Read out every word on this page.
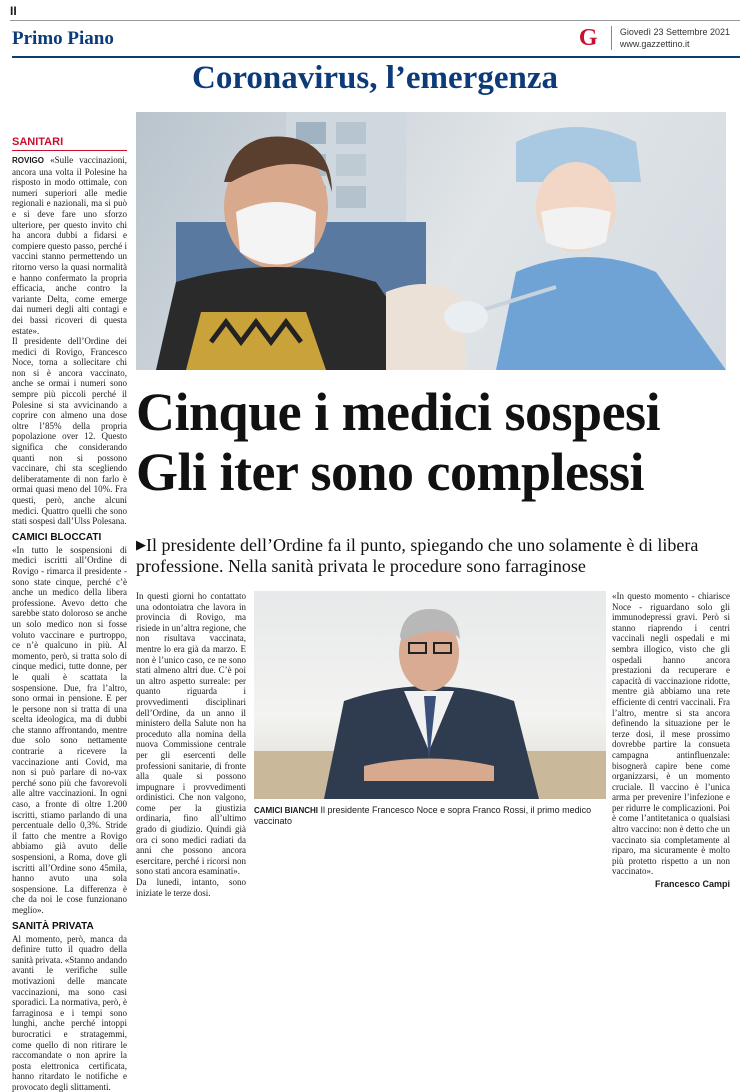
II
Primo Piano	G	Giovedì 23 Settembre 2021
www.gazzettino.it
Coronavirus, l’emergenza
SANITARI

ROVIGO «Sulle vaccinazioni, ancora una volta il Polesine ha risposto in modo ottimale, con numeri superiori alle medie regionali e nazionali, ma si può e si deve fare uno sforzo ulteriore, per questo invito chi ha ancora dubbi a fidarsi e compiere questo passo, perché i vaccini stanno permettendo un ritorno verso la quasi normalità e hanno confermato la propria efficacia, anche contro la variante Delta, come emerge dai numeri degli alti contagi e dei bassi ricoveri di questa estate».

Il presidente dell’Ordine dei medici di Rovigo, Francesco Noce, torna a sollecitare chi non si è ancora vaccinato, anche se ormai i numeri sono sempre più piccoli perché il Polesine si sta avvicinando a coprire con almeno una dose oltre l’85% della propria popolazione over 12. Questo significa che considerando quanti non si possono vaccinare, chi sta scegliendo deliberatamente di non farlo è ormai quasi meno del 10%. Fra questi, però, anche alcuni medici. Quattro quelli che sono stati sospesi dall’Ulss Polesana.

CAMICI BLOCCATI

«In tutto le sospensioni di medici iscritti all’Ordine di Rovigo - rimarca il presidente - sono state cinque, perché c’è anche un medico della libera professione. Avevo detto che sarebbe stato doloroso se anche un solo medico non si fosse voluto vaccinare e purtroppo, ce n’è qualcuno in più. Al momento, però, si tratta solo di cinque medici, tutte donne, per le quali è scattata la sospensione. Due, fra l’altro, sono ormai in pensione. E per le persone non si tratta di una scelta ideologica, ma di dubbi che stanno affrontando, mentre due solo sono nettamente contrarie a ricevere la vaccinazione anti Covid, ma non si può parlare di no-vax perché sono più che favorevoli alle altre vaccinazioni. In ogni caso, a fronte di oltre 1.200 iscritti, stiamo parlando di una percentuale dello 0,3%. Stride il fatto che mentre a Rovigo abbiamo già avuto delle sospensioni, a Roma, dove gli iscritti all’Ordine sono 45mila, hanno avuto una sola sospensione. La differenza è che da noi le cose funzionano meglio».

SANITÀ PRIVATA

Al momento, però, manca da definire tutto il quadro della sanità privata. «Stanno andando avanti le verifiche sulle motivazioni delle mancate vaccinazioni, ma sono casi sporadici. La normativa, però, è farraginosa e i tempi sono lunghi, anche perché intoppi burocratici e stratagemmi, come quello di non ritirare le raccomandate o non aprire la posta elettronica certificata, hanno ritardato le notifiche e provocato degli slittamenti.

Cinque i medici sospesi
Gli iter sono complessi
▶Il presidente dell’Ordine fa il punto, spiegando che uno solamente è di libera professione. Nella sanità privata le procedure sono farraginose

In questi giorni ho contattato una odontoiatra che lavora in provincia di Rovigo, ma risiede in un’altra regione, che non risultava vaccinata, mentre lo era già da marzo. E non è l’unico caso, ce ne sono stati almeno altri due. C’è poi un altro aspetto surreale: per quanto riguarda i provvedimenti disciplinari dell’Ordine, da un anno il ministero della Salute non ha proceduto alla nomina della nuova Commissione centrale per gli esercenti delle professioni sanitarie, di fronte alla quale si possono impugnare i provvedimenti ordinistici. Che non valgono, come per la giustizia ordinaria, fino all’ultimo grado di giudizio. Quindi già ora ci sono medici radiati da anni che possono ancora esercitare, perché i ricorsi non sono stati ancora esaminati».

Da lunedì, intanto, sono iniziate le terze dosi.

«In questo momento - chiarisce Noce - riguardano solo gli immunodepressi gravi. Però si stanno riaprendo i centri vaccinali negli ospedali e mi sembra illogico, visto che gli ospedali hanno ancora prestazioni da recuperare e capacità di vaccinazione ridotte, mentre già abbiamo una rete efficiente di centri vaccinali. Fra l’altro, mentre si sta ancora definendo la situazione per le terze dosi, il mese prossimo dovrebbe partire la consueta campagna antinfluenzale: bisognerà capire bene come organizzarsi, è un momento cruciale. Il vaccino è l’unica arma per prevenire l’infezione e per ridurre le complicazioni. Poi è come l’antitetanica o qualsiasi altro vaccino: non è detto che un vaccinato sia completamente al riparo, ma sicuramente è molto più protetto rispetto a un non vaccinato».

Francesco Campi
CAMICI BIANCHI Il presidente Francesco Noce e sopra Franco Rossi, il primo medico vaccinato
